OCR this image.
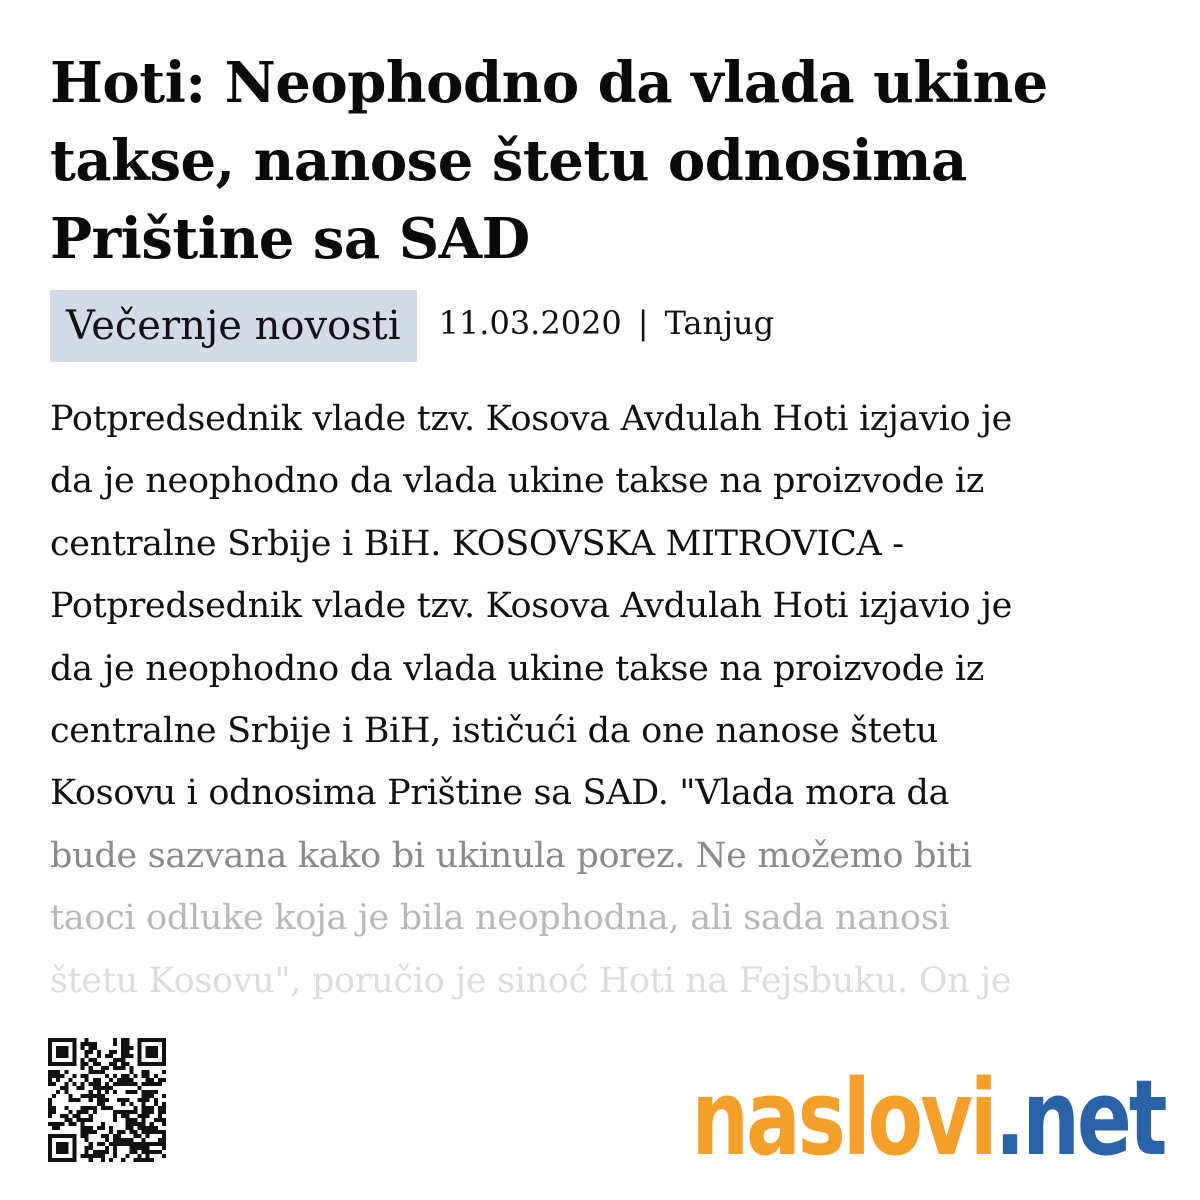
Hoti: Neophodno da vlada ukine takse, nanose štetu odnosima Prištine sa SAD
Večernje novosti	11.03.2020 | Tanjug
Potpredsednik vlade tzv. Kosova Avdulah Hoti izjavio je
da je neophodno da vlada ukine takse na proizvode iz
centralne Srbije i BiH. KOSOVSKA MITROVICA -
Potpredsednik vlade tzv. Kosova Avdulah Hoti izjavio je
da je neophodno da vlada ukine takse na proizvode iz
centralne Srbije i BiH, ističući da one nanose štetu
Kosovu i odnosima Prištine sa SAD. "Vlada mora da
bude sazvana kako bi ukinula porez. Ne možemo biti
taoci odluke koja je bila neophodna, ali sada nanosi
štetu Kosovu", poručio je sinoć Hoti na Fejsbuku. On je
naslovi .net
